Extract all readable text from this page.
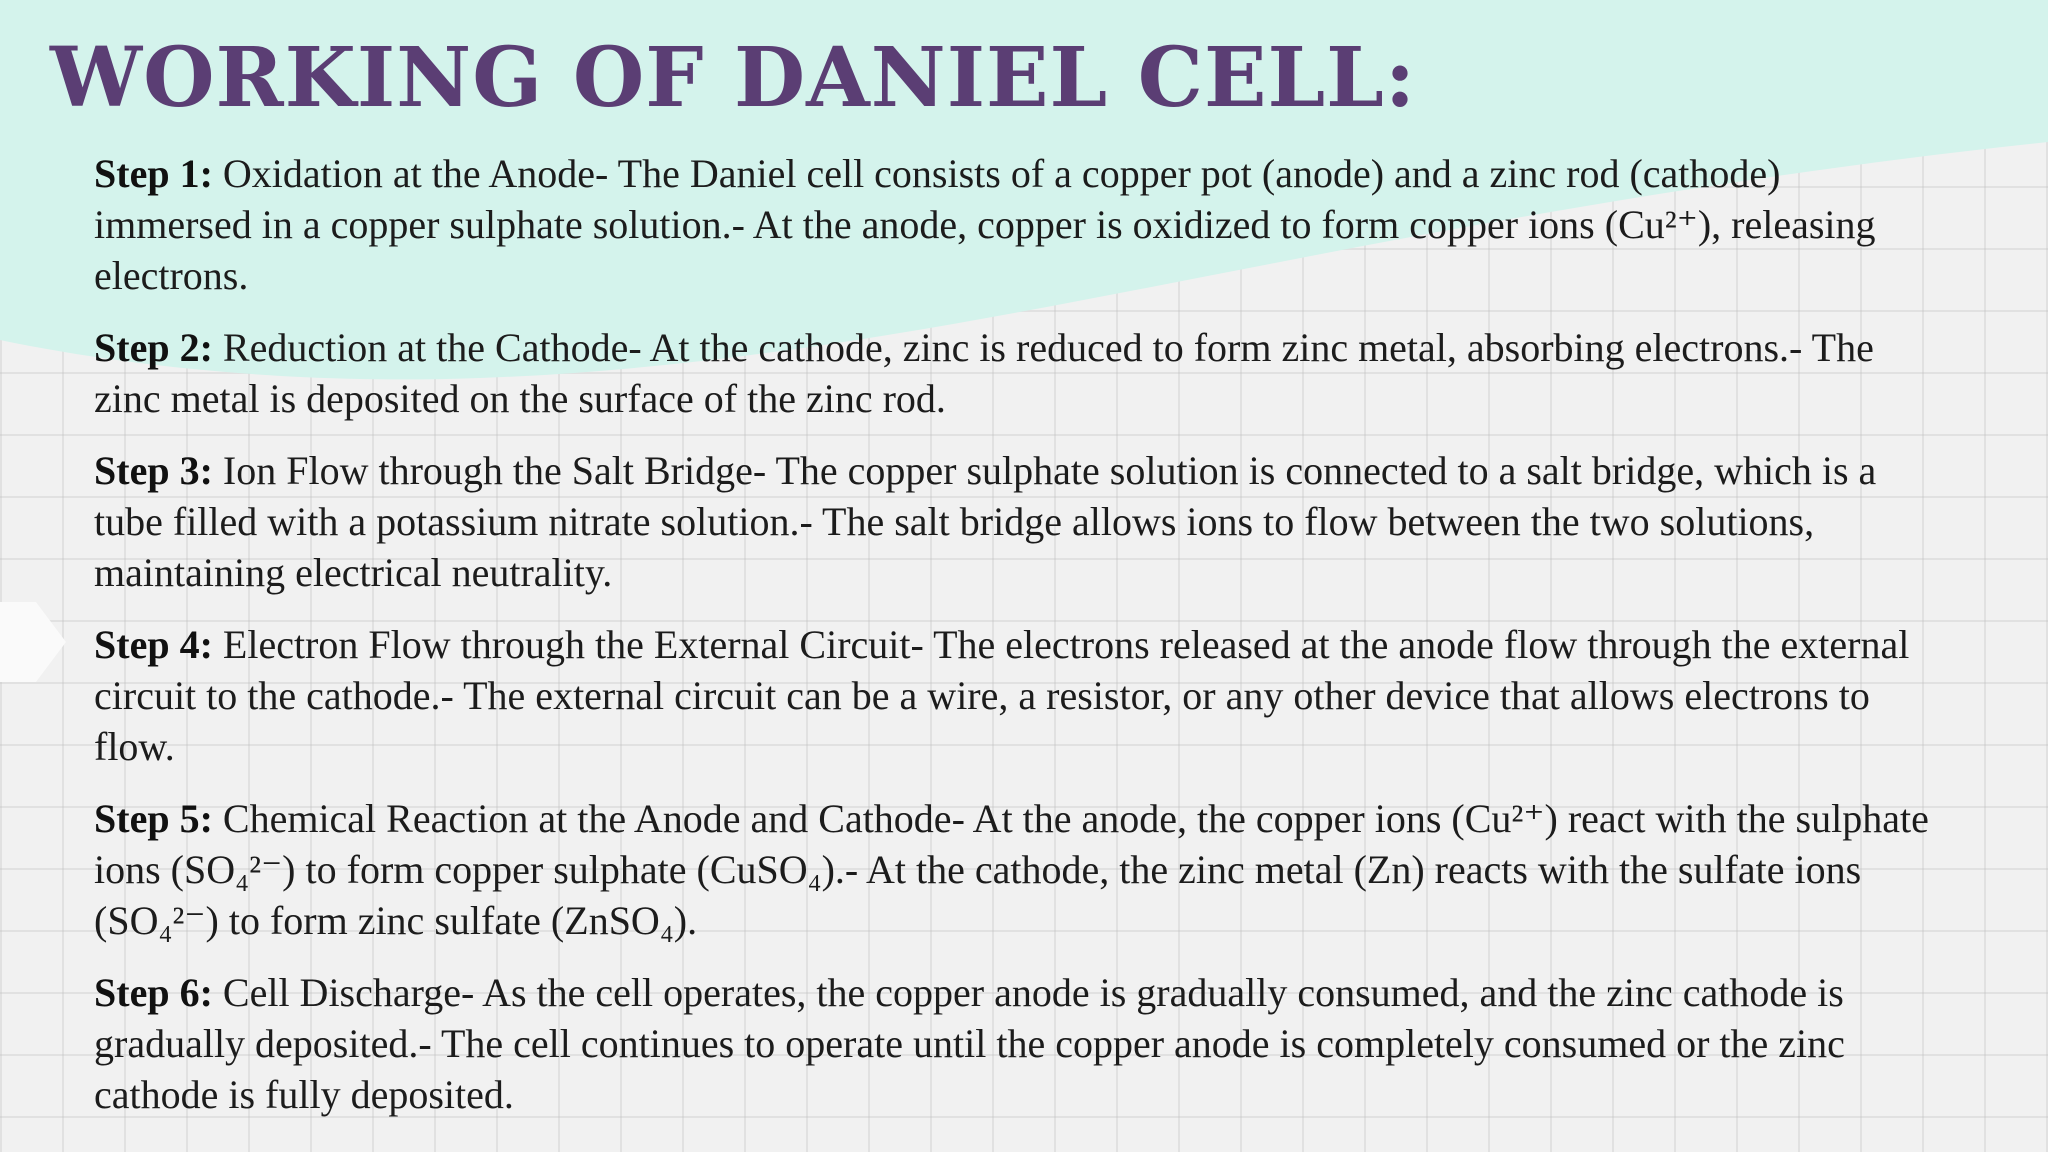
WORKING OF DANIEL CELL:

Step 1: Oxidation at the Anode- The Daniel cell consists of a copper pot (anode) and a zinc rod (cathode) immersed in a copper sulphate solution.- At the anode, copper is oxidized to form copper ions (Cu²⁺), releasing electrons.

Step 2: Reduction at the Cathode- At the cathode, zinc is reduced to form zinc metal, absorbing electrons.- The zinc metal is deposited on the surface of the zinc rod.

Step 3: Ion Flow through the Salt Bridge- The copper sulphate solution is connected to a salt bridge, which is a tube filled with a potassium nitrate solution.- The salt bridge allows ions to flow between the two solutions, maintaining electrical neutrality.

Step 4: Electron Flow through the External Circuit- The electrons released at the anode flow through the external circuit to the cathode.- The external circuit can be a wire, a resistor, or any other device that allows electrons to flow.

Step 5: Chemical Reaction at the Anode and Cathode- At the anode, the copper ions (Cu²⁺) react with the sulphate ions (SO₄²⁻) to form copper sulphate (CuSO₄).- At the cathode, the zinc metal (Zn) reacts with the sulfate ions (SO₄²⁻) to form zinc sulfate (ZnSO₄).

Step 6: Cell Discharge- As the cell operates, the copper anode is gradually consumed, and the zinc cathode is gradually deposited.- The cell continues to operate until the copper anode is completely consumed or the zinc cathode is fully deposited.
